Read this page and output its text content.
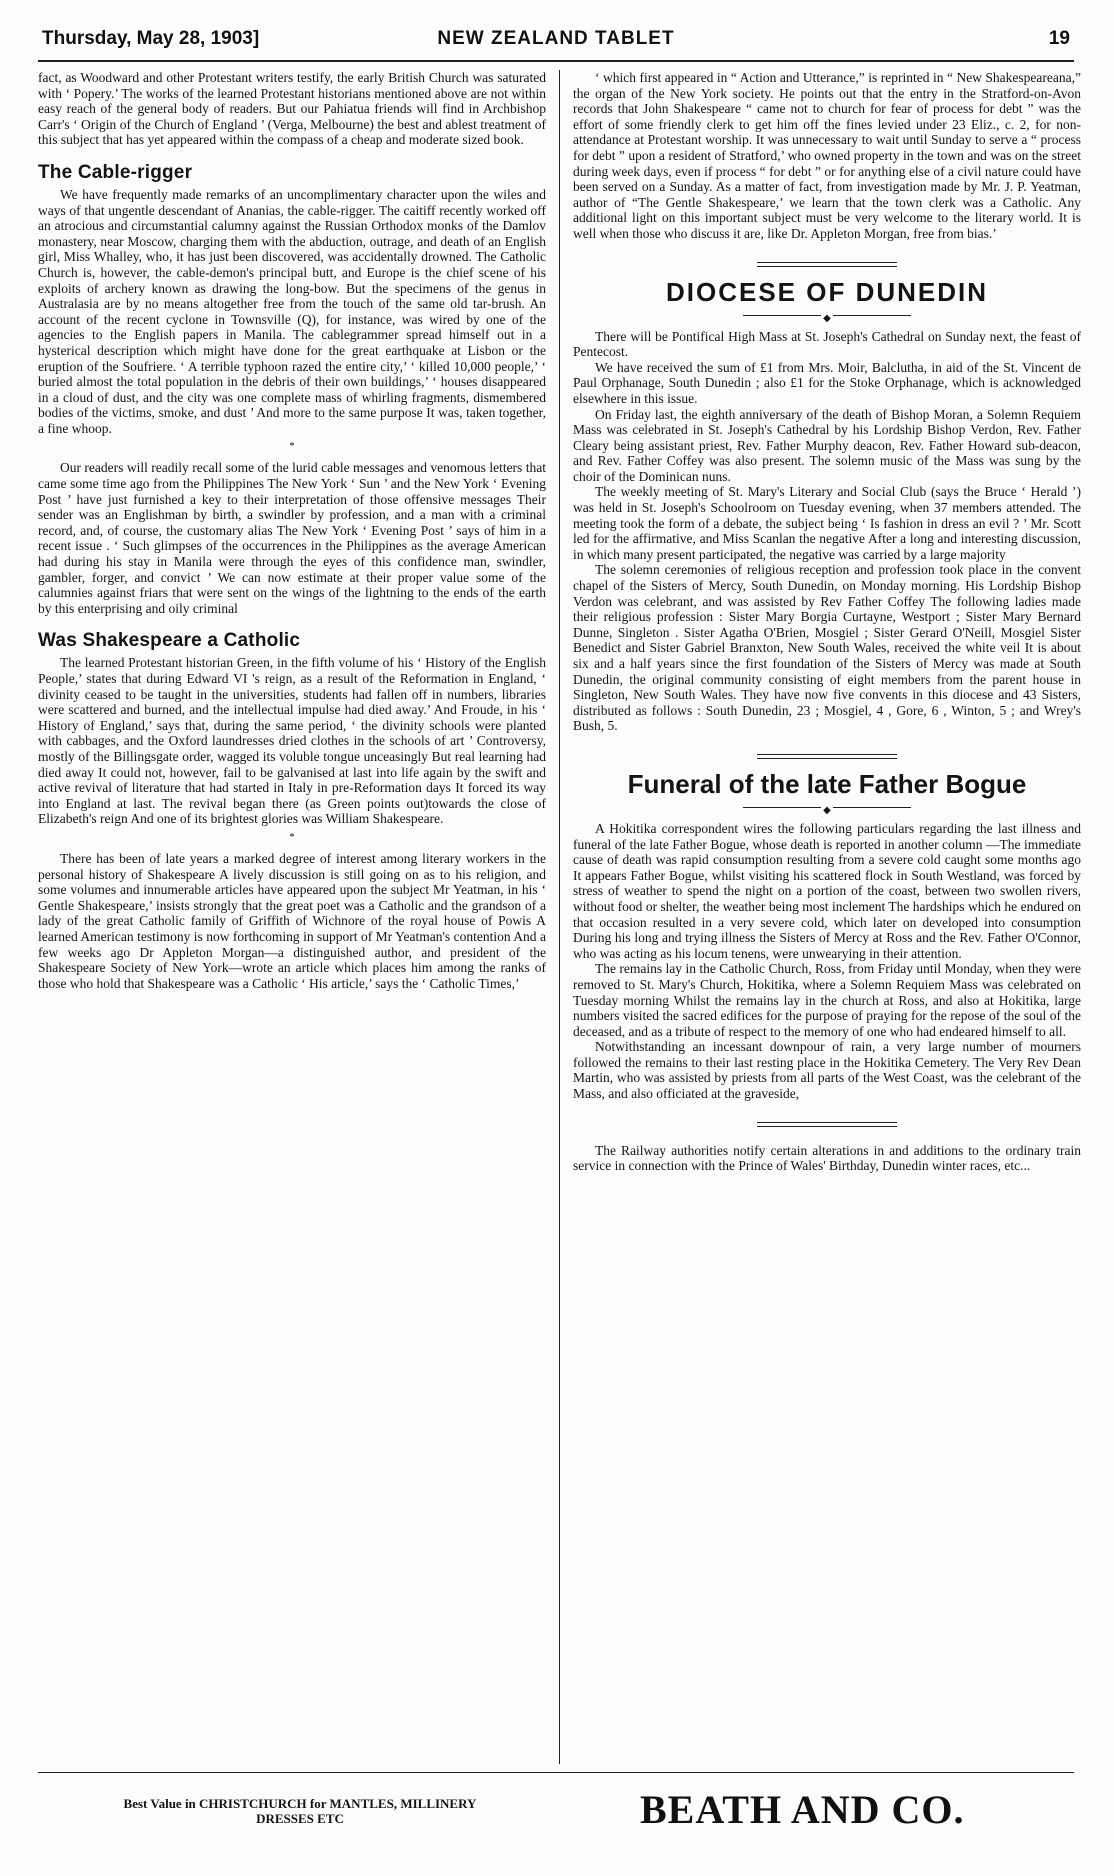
Thursday, May 28, 1903]	NEW ZEALAND TABLET	19

fact, as Woodward and other Protestant writers testify, the early British Church was saturated with ‘ Popery.’ The works of the learned Protestant historians mentioned above are not within easy reach of the general body of readers. But our Pahiatua friends will find in Archbishop Carr's ‘ Origin of the Church of England ’ (Verga, Melbourne) the best and ablest treatment of this subject that has yet appeared within the compass of a cheap and moderate sized book.

The Cable-rigger

We have frequently made remarks of an uncomplimentary character upon the wiles and ways of that ungentle descendant of Ananias, the cable-rigger. The caitiff recently worked off an atrocious and circumstantial calumny against the Russian Orthodox monks of the Damlov monastery, near Moscow, charging them with the abduction, outrage, and death of an English girl, Miss Whalley, who, it has just been discovered, was accidentally drowned. The Catholic Church is, however, the cable-demon's principal butt, and Europe is the chief scene of his exploits of archery known as drawing the long-bow. But the specimens of the genus in Australasia are by no means altogether free from the touch of the same old tar-brush. An account of the recent cyclone in Townsville (Q), for instance, was wired by one of the agencies to the English papers in Manila. The cablegrammer spread himself out in a hysterical description which might have done for the great earthquake at Lisbon or the eruption of the Soufriere. ‘ A terrible typhoon razed the entire city,’ ‘ killed 10,000 people,’ ‘ buried almost the total population in the debris of their own buildings,’ ‘ houses disappeared in a cloud of dust, and the city was one complete mass of whirling fragments, dismembered bodies of the victims, smoke, and dust ’ And more to the same purpose It was, taken together, a fine whoop.

*

Our readers will readily recall some of the lurid cable messages and venomous letters that came some time ago from the Philippines The New York ‘ Sun ’ and the New York ‘ Evening Post ’ have just furnished a key to their interpretation of those offensive messages Their sender was an Englishman by birth, a swindler by profession, and a man with a criminal record, and, of course, the customary alias The New York ‘ Evening Post ’ says of him in a recent issue . ‘ Such glimpses of the occurrences in the Philippines as the average American had during his stay in Manila were through the eyes of this confidence man, swindler, gambler, forger, and convict ’ We can now estimate at their proper value some of the calumnies against friars that were sent on the wings of the lightning to the ends of the earth by this enterprising and oily criminal

Was Shakespeare a Catholic

The learned Protestant historian Green, in the fifth volume of his ‘ History of the English People,’ states that during Edward VI 's reign, as a result of the Reformation in England, ‘ divinity ceased to be taught in the universities, students had fallen off in numbers, libraries were scattered and burned, and the intellectual impulse had died away.’ And Froude, in his ‘ History of England,’ says that, during the same period, ‘ the divinity schools were planted with cabbages, and the Oxford laundresses dried clothes in the schools of art ’ Controversy, mostly of the Billingsgate order, wagged its voluble tongue unceasingly But real learning had died away It could not, however, fail to be galvanised at last into life again by the swift and active revival of literature that had started in Italy in pre-Reformation days It forced its way into England at last. The revival began there (as Green points out)towards the close of Elizabeth's reign And one of its brightest glories was William Shakespeare.

*

There has been of late years a marked degree of interest among literary workers in the personal history of Shakespeare A lively discussion is still going on as to his religion, and some volumes and innumerable articles have appeared upon the subject Mr Yeatman, in his ‘ Gentle Shakespeare,’ insists strongly that the great poet was a Catholic and the grandson of a lady of the great Catholic family of Griffith of Wichnore of the royal house of Powis A learned American testimony is now forthcoming in support of Mr Yeatman's contention And a few weeks ago Dr Appleton Morgan—a distinguished author, and president of the Shakespeare Society of New York—wrote an article which places him among the ranks of those who hold that Shakespeare was a Catholic ‘ His article,’ says the ‘ Catholic Times,’

‘ which first appeared in “ Action and Utterance,” is reprinted in “ New Shakespeareana,” the organ of the New York society. He points out that the entry in the Stratford-on-Avon records that John Shakespeare “ came not to church for fear of process for debt ” was the effort of some friendly clerk to get him off the fines levied under 23 Eliz., c. 2, for non-attendance at Protestant worship. It was unnecessary to wait until Sunday to serve a “ process for debt ” upon a resident of Stratford,’ who owned property in the town and was on the street during week days, even if process “ for debt ” or for anything else of a civil nature could have been served on a Sunday. As a matter of fact, from investigation made by Mr. J. P. Yeatman, author of “The Gentle Shakespeare,’ we learn that the town clerk was a Catholic. Any additional light on this important subject must be very welcome to the literary world. It is well when those who discuss it are, like Dr. Appleton Morgan, free from bias.’

DIOCESE OF DUNEDIN
◆

There will be Pontifical High Mass at St. Joseph's Cathedral on Sunday next, the feast of Pentecost.

We have received the sum of £1 from Mrs. Moir, Balclutha, in aid of the St. Vincent de Paul Orphanage, South Dunedin ; also £1 for the Stoke Orphanage, which is acknowledged elsewhere in this issue.

On Friday last, the eighth anniversary of the death of Bishop Moran, a Solemn Requiem Mass was celebrated in St. Joseph's Cathedral by his Lordship Bishop Verdon, Rev. Father Cleary being assistant priest, Rev. Father Murphy deacon, Rev. Father Howard sub-deacon, and Rev. Father Coffey was also present. The solemn music of the Mass was sung by the choir of the Dominican nuns.

The weekly meeting of St. Mary's Literary and Social Club (says the Bruce ‘ Herald ’) was held in St. Joseph's Schoolroom on Tuesday evening, when 37 members attended. The meeting took the form of a debate, the subject being ‘ Is fashion in dress an evil ? ’ Mr. Scott led for the affirmative, and Miss Scanlan the negative After a long and interesting discussion, in which many present participated, the negative was carried by a large majority

The solemn ceremonies of religious reception and profession took place in the convent chapel of the Sisters of Mercy, South Dunedin, on Monday morning. His Lordship Bishop Verdon was celebrant, and was assisted by Rev Father Coffey The following ladies made their religious profession : Sister Mary Borgia Curtayne, Westport ; Sister Mary Bernard Dunne, Singleton . Sister Agatha O'Brien, Mosgiel ; Sister Gerard O'Neill, Mosgiel Sister Benedict and Sister Gabriel Branxton, New South Wales, received the white veil It is about six and a half years since the first foundation of the Sisters of Mercy was made at South Dunedin, the original community consisting of eight members from the parent house in Singleton, New South Wales. They have now five convents in this diocese and 43 Sisters, distributed as follows : South Dunedin, 23 ; Mosgiel, 4 , Gore, 6 , Winton, 5 ; and Wrey's Bush, 5.

Funeral of the late Father Bogue
◆

A Hokitika correspondent wires the following particulars regarding the last illness and funeral of the late Father Bogue, whose death is reported in another column —The immediate cause of death was rapid consumption resulting from a severe cold caught some months ago It appears Father Bogue, whilst visiting his scattered flock in South Westland, was forced by stress of weather to spend the night on a portion of the coast, between two swollen rivers, without food or shelter, the weather being most inclement The hardships which he endured on that occasion resulted in a very severe cold, which later on developed into consumption During his long and trying illness the Sisters of Mercy at Ross and the Rev. Father O'Connor, who was acting as his locum tenens, were unwearying in their attention.

The remains lay in the Catholic Church, Ross, from Friday until Monday, when they were removed to St. Mary's Church, Hokitika, where a Solemn Requiem Mass was celebrated on Tuesday morning Whilst the remains lay in the church at Ross, and also at Hokitika, large numbers visited the sacred edifices for the purpose of praying for the repose of the soul of the deceased, and as a tribute of respect to the memory of one who had endeared himself to all.

Notwithstanding an incessant downpour of rain, a very large number of mourners followed the remains to their last resting place in the Hokitika Cemetery. The Very Rev Dean Martin, who was assisted by priests from all parts of the West Coast, was the celebrant of the Mass, and also officiated at the graveside,

The Railway authorities notify certain alterations in and additions to the ordinary train service in connection with the Prince of Wales' Birthday, Dunedin winter races, etc...

Best Value in CHRISTCHURCH for MANTLES, MILLINERY
DRESSES ETC	BEATH AND CO.
